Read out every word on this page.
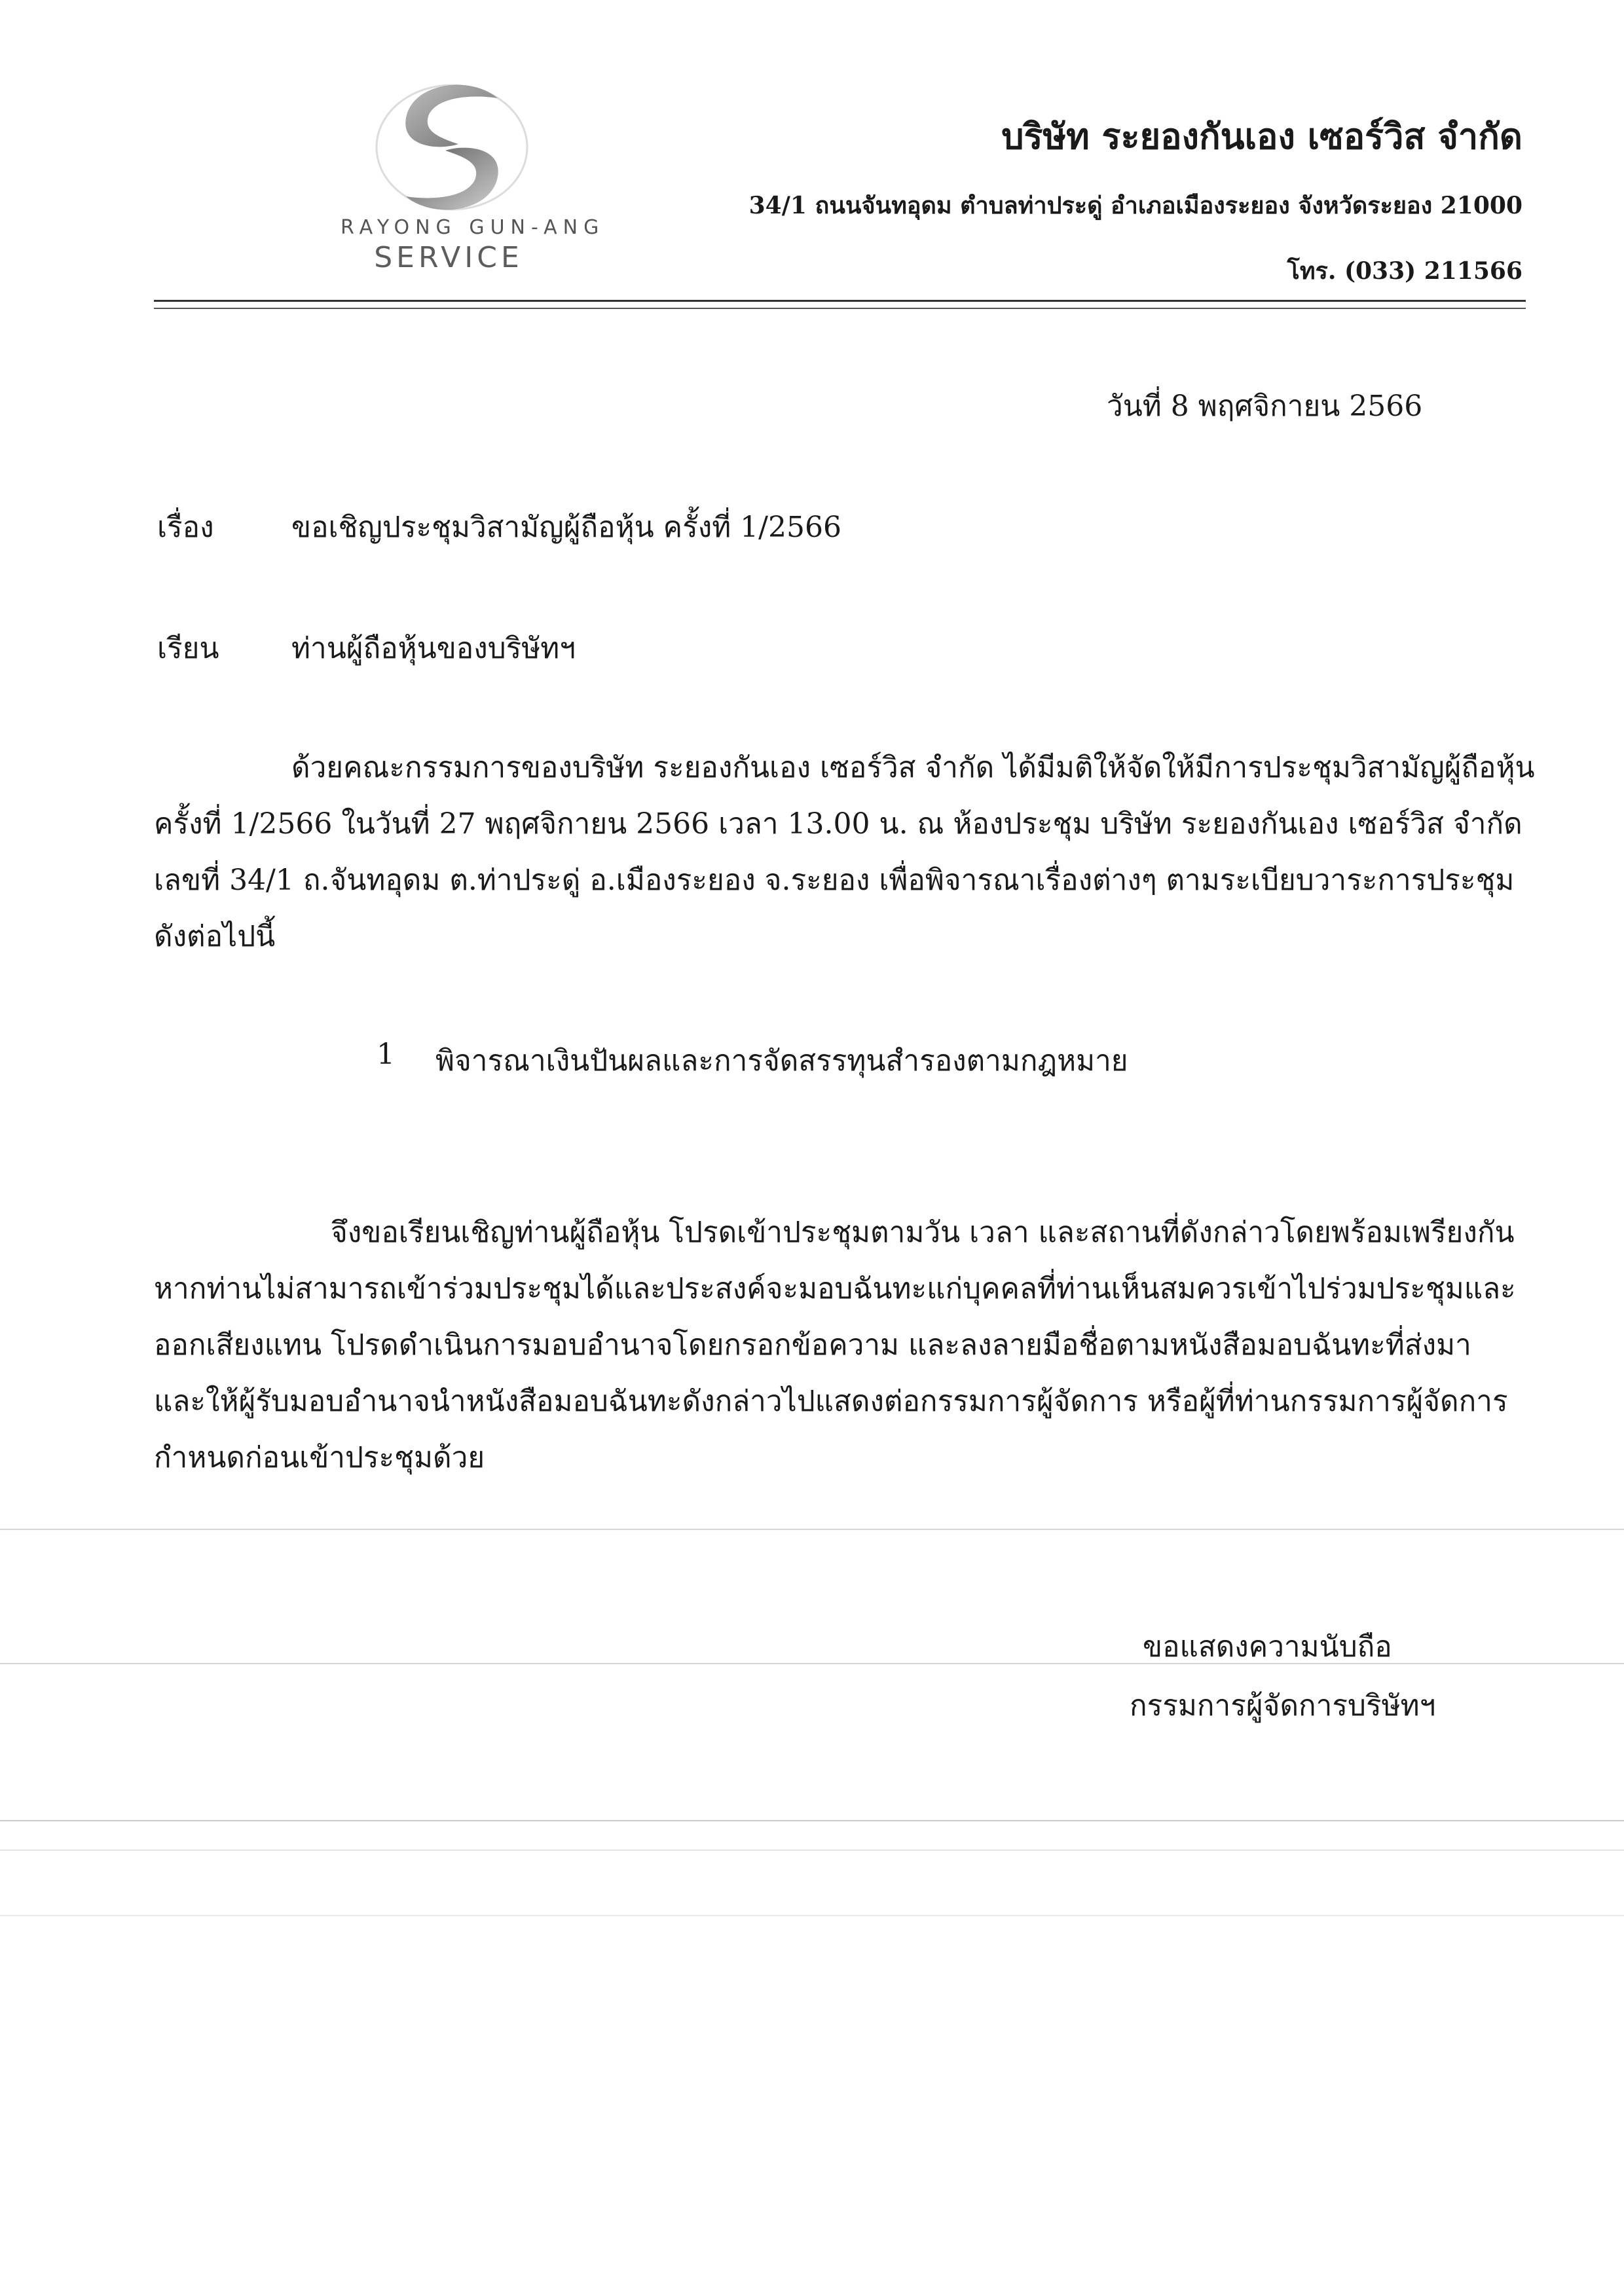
RAYONG GUN-ANG
SERVICE
บริษัท ระยองกันเอง เซอร์วิส จำกัด
34/1 ถนนจันทอุดม ตำบลท่าประดู่ อำเภอเมืองระยอง จังหวัดระยอง 21000
โทร. (033) 211566
วันที่ 8 พฤศจิกายน 2566
เรื่อง	ขอเชิญประชุมวิสามัญผู้ถือหุ้น ครั้งที่ 1/2566
เรียน	ท่านผู้ถือหุ้นของบริษัทฯ
ด้วยคณะกรรมการของบริษัท ระยองกันเอง เซอร์วิส จำกัด ได้มีมติให้จัดให้มีการประชุมวิสามัญผู้ถือหุ้น
ครั้งที่ 1/2566 ในวันที่ 27 พฤศจิกายน 2566 เวลา 13.00 น. ณ ห้องประชุม บริษัท ระยองกันเอง เซอร์วิส จำกัด
เลขที่ 34/1 ถ.จันทอุดม ต.ท่าประดู่ อ.เมืองระยอง จ.ระยอง เพื่อพิจารณาเรื่องต่างๆ ตามระเบียบวาระการประชุม
ดังต่อไปนี้
1 พิจารณาเงินปันผลและการจัดสรรทุนสำรองตามกฎหมาย
จึงขอเรียนเชิญท่านผู้ถือหุ้น โปรดเข้าประชุมตามวัน เวลา และสถานที่ดังกล่าวโดยพร้อมเพรียงกัน
หากท่านไม่สามารถเข้าร่วมประชุมได้และประสงค์จะมอบฉันทะแก่บุคคลที่ท่านเห็นสมควรเข้าไปร่วมประชุมและ
ออกเสียงแทน โปรดดำเนินการมอบอำนาจโดยกรอกข้อความ และลงลายมือชื่อตามหนังสือมอบฉันทะที่ส่งมา
และให้ผู้รับมอบอำนาจนำหนังสือมอบฉันทะดังกล่าวไปแสดงต่อกรรมการผู้จัดการ หรือผู้ที่ท่านกรรมการผู้จัดการ
กำหนดก่อนเข้าประชุมด้วย
ขอแสดงความนับถือ
กรรมการผู้จัดการบริษัทฯ
